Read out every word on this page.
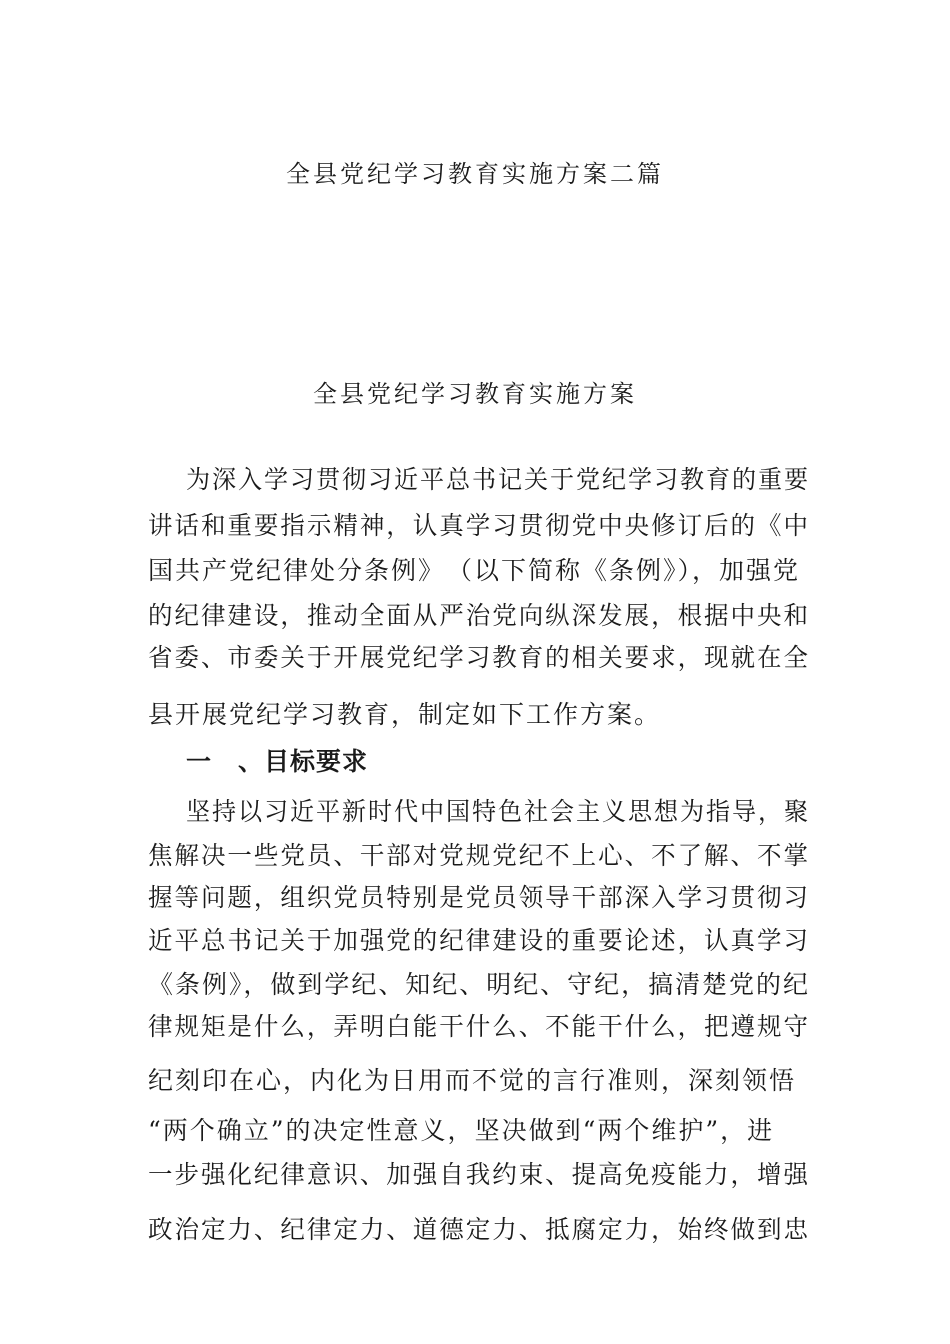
全县党纪学习教育实施方案二篇
全县党纪学习教育实施方案
为深入学习贯彻习近平总书记关于党纪学习教育的重要
讲话和重要指示精神，认真学习贯彻党中央修订后的《中
国共产党纪律处分条例》　（以下简称《条例》），加强党
的纪律建设，推动全面从严治党向纵深发展，根据中央和
省委、市委关于开展党纪学习教育的相关要求，现就在全
县开展党纪学习教育，制定如下工作方案。
一　、目标要求
坚持以习近平新时代中国特色社会主义思想为指导，聚
焦解决一些党员、干部对党规党纪不上心、不了解、不掌
握等问题，组织党员特别是党员领导干部深入学习贯彻习
近平总书记关于加强党的纪律建设的重要论述，认真学习
《条例》，做到学纪、知纪、明纪、守纪，搞清楚党的纪
律规矩是什么，弄明白能干什么、不能干什么，把遵规守
纪刻印在心，内化为日用而不觉的言行准则，深刻领悟
“两个确立”的决定性意义，坚决做到“两个维护”，进
一步强化纪律意识、加强自我约束、提高免疫能力，增强
政治定力、纪律定力、道德定力、抵腐定力，始终做到忠
